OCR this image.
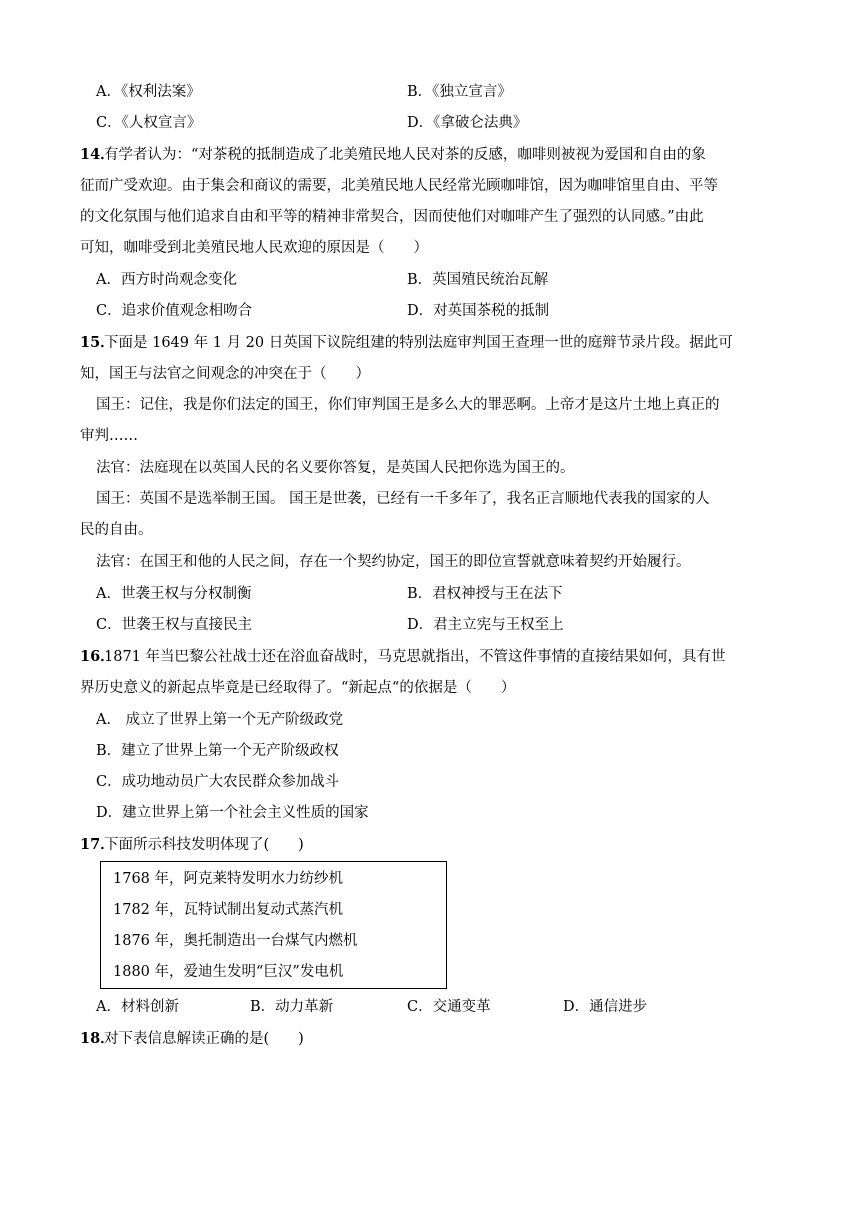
A．《权利法案》	B．《独立宣言》
C．《人权宣言》	D．《拿破仑法典》
14．
有学者认为：“对茶税的抵制造成了北美殖民地人民对茶的反感，咖啡则被视为爱国和自由的象
征而广受欢迎。由于集会和商议的需要，北美殖民地人民经常光顾咖啡馆，因为咖啡馆里自由、平等
的文化氛围与他们追求自由和平等的精神非常契合，因而使他们对咖啡产生了强烈的认同感。”由此
可知，咖啡受到北美殖民地人民欢迎的原因是（　　）
A．西方时尚观念变化	B．英国殖民统治瓦解
C．追求价值观念相吻合	D．对英国茶税的抵制
15．
下面是 1649 年 1 月 20 日英国下议院组建的特别法庭审判国王查理一世的庭辩节录片段。据此可
知，国王与法官之间观念的冲突在于（　　）
国王：记住，我是你们法定的国王，你们审判国王是多么大的罪恶啊。上帝才是这片土地上真正的
审判……
法官：法庭现在以英国人民的名义要你答复，是英国人民把你选为国王的。
国王：英国不是选举制王国。 国王是世袭，已经有一千多年了，我名正言顺地代表我的国家的人
民的自由。
法官：在国王和他的人民之间，存在一个契约协定，国王的即位宣誓就意味着契约开始履行。
A．世袭王权与分权制衡	B．君权神授与王在法下
C．世袭王权与直接民主	D．君主立宪与王权至上
16．
1871 年当巴黎公社战士还在浴血奋战时，马克思就指出，不管这件事情的直接结果如何，具有世
界历史意义的新起点毕竟是已经取得了。“新起点“的依据是（　　）
A． 成立了世界上第一个无产阶级政党
B．建立了世界上第一个无产阶级政权
C．成功地动员广大农民群众参加战斗
D．建立世界上第一个社会主义性质的国家
17．
下面所示科技发明体现了(　　)
1768 年，阿克莱特发明水力纺纱机
1782 年，瓦特试制出复动式蒸汽机
1876 年，奥托制造出一台煤气内燃机
1880 年，爱迪生发明“巨汉”发电机
A．材料创新	B．动力革新	C．交通变革	D．通信进步
18．
对下表信息解读正确的是(　　)
